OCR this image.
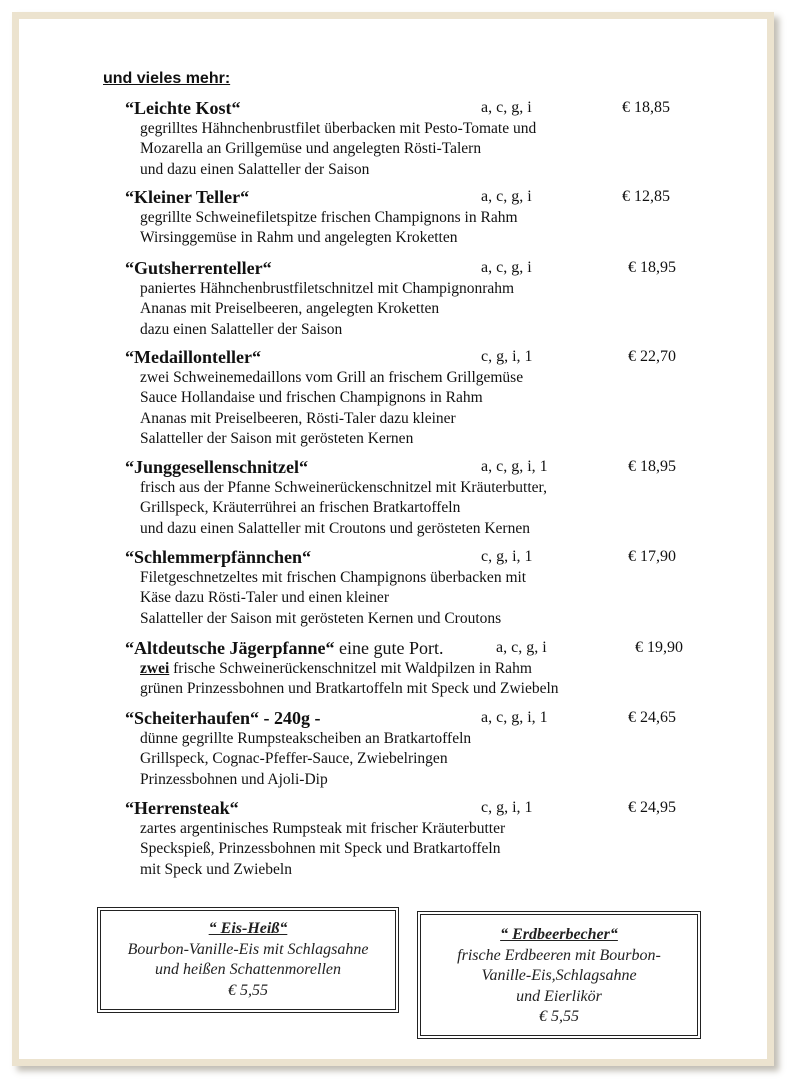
und vieles mehr:
“Leichte Kost“	a, c, g, i	€ 18,85
gegrilltes Hähnchenbrustfilet überbacken mit Pesto-Tomate und
Mozarella an Grillgemüse und angelegten Rösti-Talern
und dazu einen Salatteller der Saison
“Kleiner Teller“	a, c, g, i	€ 12,85
gegrillte Schweinefiletspitze frischen Champignons in Rahm
Wirsinggemüse in Rahm und angelegten Kroketten
“Gutsherrenteller“	a, c, g, i	€ 18,95
paniertes Hähnchenbrustfiletschnitzel mit Champignonrahm
Ananas mit Preiselbeeren, angelegten Kroketten
dazu einen Salatteller der Saison
“Medaillonteller“	c, g, i, 1	€ 22,70
zwei Schweinemedaillons vom Grill an frischem Grillgemüse
Sauce Hollandaise und frischen Champignons in Rahm
Ananas mit Preiselbeeren, Rösti-Taler dazu kleiner
Salatteller der Saison mit gerösteten Kernen
“Junggesellenschnitzel“	a, c, g, i, 1	€ 18,95
frisch aus der Pfanne Schweinerückenschnitzel mit Kräuterbutter,
Grillspeck, Kräuterrührei an frischen Bratkartoffeln
und dazu einen Salatteller mit Croutons und gerösteten Kernen
“Schlemmerpfännchen“	c, g, i, 1	€ 17,90
Filetgeschnetzeltes mit frischen Champignons überbacken mit
Käse dazu Rösti-Taler und einen kleiner
Salatteller der Saison mit gerösteten Kernen und Croutons
“Altdeutsche Jägerpfanne“ eine gute Port.	a, c, g, i	€ 19,90
zwei frische Schweinerückenschnitzel mit Waldpilzen in Rahm
grünen Prinzessbohnen und Bratkartoffeln mit Speck und Zwiebeln
“Scheiterhaufen“ - 240g -	a, c, g, i, 1	€ 24,65
dünne gegrillte Rumpsteakscheiben an Bratkartoffeln
Grillspeck, Cognac-Pfeffer-Sauce, Zwiebelringen
Prinzessbohnen und Ajoli-Dip
“Herrensteak“	c, g, i, 1	€ 24,95
zartes argentinisches Rumpsteak mit frischer Kräuterbutter
Speckspieß, Prinzessbohnen mit Speck und Bratkartoffeln
mit Speck und Zwiebeln
“ Eis-Heiß“
Bourbon-Vanille-Eis mit Schlagsahne
und heißen Schattenmorellen
€ 5,55
“ Erdbeerbecher“
frische Erdbeeren mit Bourbon-
Vanille-Eis,Schlagsahne
und Eierlikör
€ 5,55
